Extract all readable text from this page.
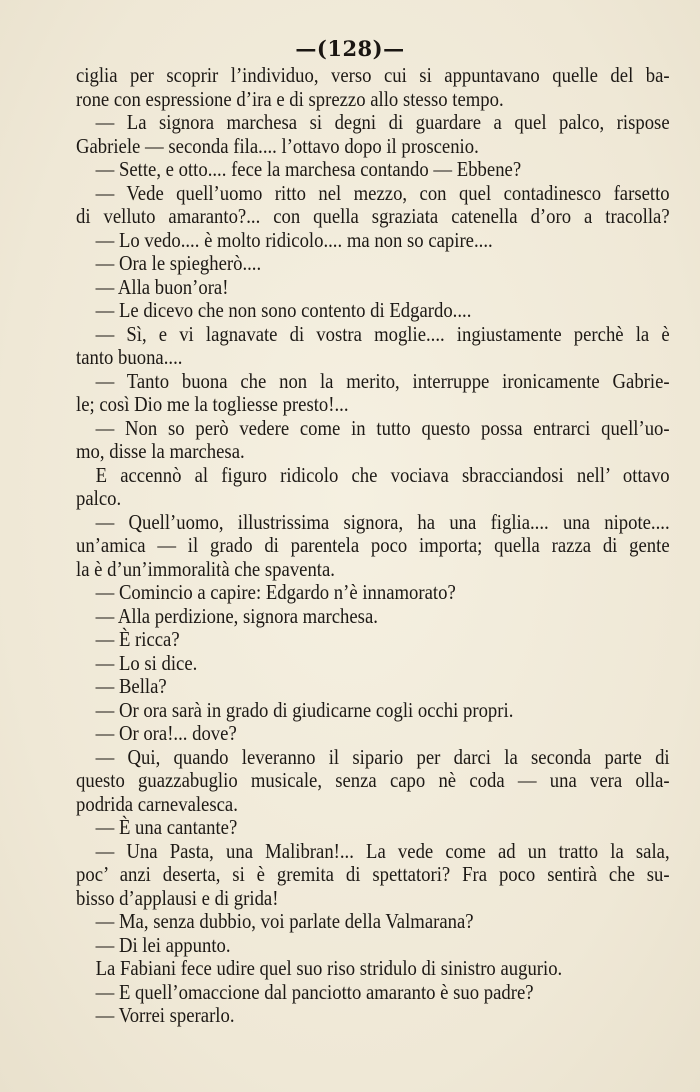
—(128)—
ciglia per scoprir l’individuo, verso cui si appuntavano quelle del ba-
rone con espressione d’ira e di sprezzo allo stesso tempo.
— La signora marchesa si degni di guardare a quel palco, rispose
Gabriele — seconda fila.... l’ottavo dopo il proscenio.
— Sette, e otto.... fece la marchesa contando — Ebbene?
— Vede quell’uomo ritto nel mezzo, con quel contadinesco farsetto
di velluto amaranto?... con quella sgraziata catenella d’oro a tracolla?
— Lo vedo.... è molto ridicolo.... ma non so capire....
— Ora le spiegherò....
— Alla buon’ora!
— Le dicevo che non sono contento di Edgardo....
— Sì, e vi lagnavate di vostra moglie.... ingiustamente perchè la è
tanto buona....
— Tanto buona che non la merito, interruppe ironicamente Gabrie-
le; così Dio me la togliesse presto!...
— Non so però vedere come in tutto questo possa entrarci quell’uo-
mo, disse la marchesa.
E accennò al figuro ridicolo che vociava sbracciandosi nell’ ottavo
palco.
— Quell’uomo, illustrissima signora, ha una figlia.... una nipote....
un’amica — il grado di parentela poco importa; quella razza di gente
la è d’un’immoralità che spaventa.
— Comincio a capire: Edgardo n’è innamorato?
— Alla perdizione, signora marchesa.
— È ricca?
— Lo si dice.
— Bella?
— Or ora sarà in grado di giudicarne cogli occhi propri.
— Or ora!... dove?
— Qui, quando leveranno il sipario per darci la seconda parte di
questo guazzabuglio musicale, senza capo nè coda — una vera olla-
podrida carnevalesca.
— È una cantante?
— Una Pasta, una Malibran!... La vede come ad un tratto la sala,
poc’ anzi deserta, si è gremita di spettatori? Fra poco sentirà che su-
bisso d’applausi e di grida!
— Ma, senza dubbio, voi parlate della Valmarana?
— Di lei appunto.
La Fabiani fece udire quel suo riso stridulo di sinistro augurio.
— E quell’omaccione dal panciotto amaranto è suo padre?
— Vorrei sperarlo.
